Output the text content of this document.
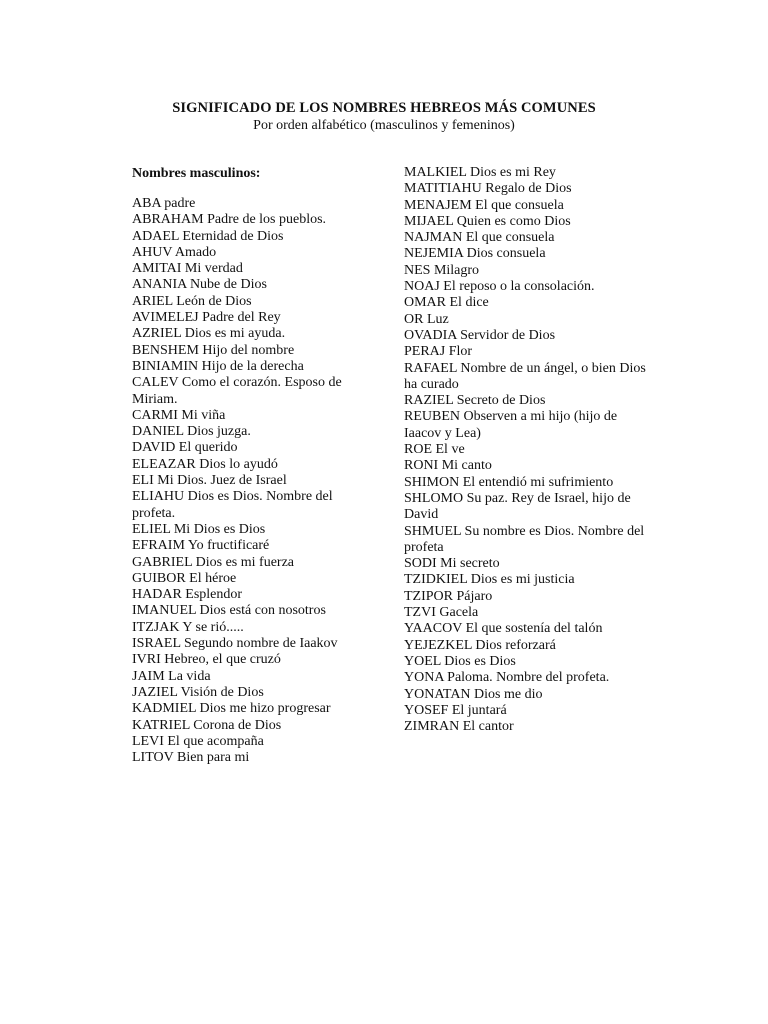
SIGNIFICADO DE LOS NOMBRES HEBREOS MÁS COMUNES

Por orden alfabético (masculinos y femeninos)

Nombres masculinos:

ABA padre

ABRAHAM Padre de los pueblos.

ADAEL Eternidad de Dios

AHUV Amado

AMITAI Mi verdad

ANANIA Nube de Dios

ARIEL León de Dios

AVIMELEJ Padre del Rey

AZRIEL Dios es mi ayuda.

BENSHEM Hijo del nombre

BINIAMIN Hijo de la derecha

CALEV Como el corazón. Esposo de Miriam.

CARMI Mi viña

DANIEL Dios juzga.

DAVID El querido

ELEAZAR Dios lo ayudó

ELI Mi Dios. Juez de Israel

ELIAHU Dios es Dios. Nombre del profeta.

ELIEL Mi Dios es Dios

EFRAIM Yo fructificaré

GABRIEL Dios es mi fuerza

GUIBOR El héroe

HADAR Esplendor

IMANUEL Dios está con nosotros

ITZJAK Y se rió.....

ISRAEL Segundo nombre de Iaakov

IVRI Hebreo, el que cruzó

JAIM La vida

JAZIEL Visión de Dios

KADMIEL Dios me hizo progresar

KATRIEL Corona de Dios

LEVI El que acompaña

LITOV Bien para mi

MALKIEL Dios es mi Rey

MATITIAHU Regalo de Dios

MENAJEM El que consuela

MIJAEL Quien es como Dios

NAJMAN El que consuela

NEJEMIA Dios consuela

NES Milagro

NOAJ El reposo o la consolación.

OMAR El dice

OR Luz

OVADIA Servidor de Dios

PERAJ Flor

RAFAEL Nombre de un ángel, o bien Dios ha curado

RAZIEL Secreto de Dios

REUBEN Observen a mi hijo (hijo de Iaacov y Lea)

ROE El ve

RONI Mi canto

SHIMON El entendió mi sufrimiento

SHLOMO Su paz. Rey de Israel, hijo de David

SHMUEL Su nombre es Dios. Nombre del profeta

SODI Mi secreto

TZIDKIEL Dios es mi justicia

TZIPOR Pájaro

TZVI Gacela

YAACOV El que sostenía del talón

YEJEZKEL Dios reforzará

YOEL Dios es Dios

YONA Paloma. Nombre del profeta.

YONATAN Dios me dio

YOSEF El juntará

ZIMRAN El cantor
